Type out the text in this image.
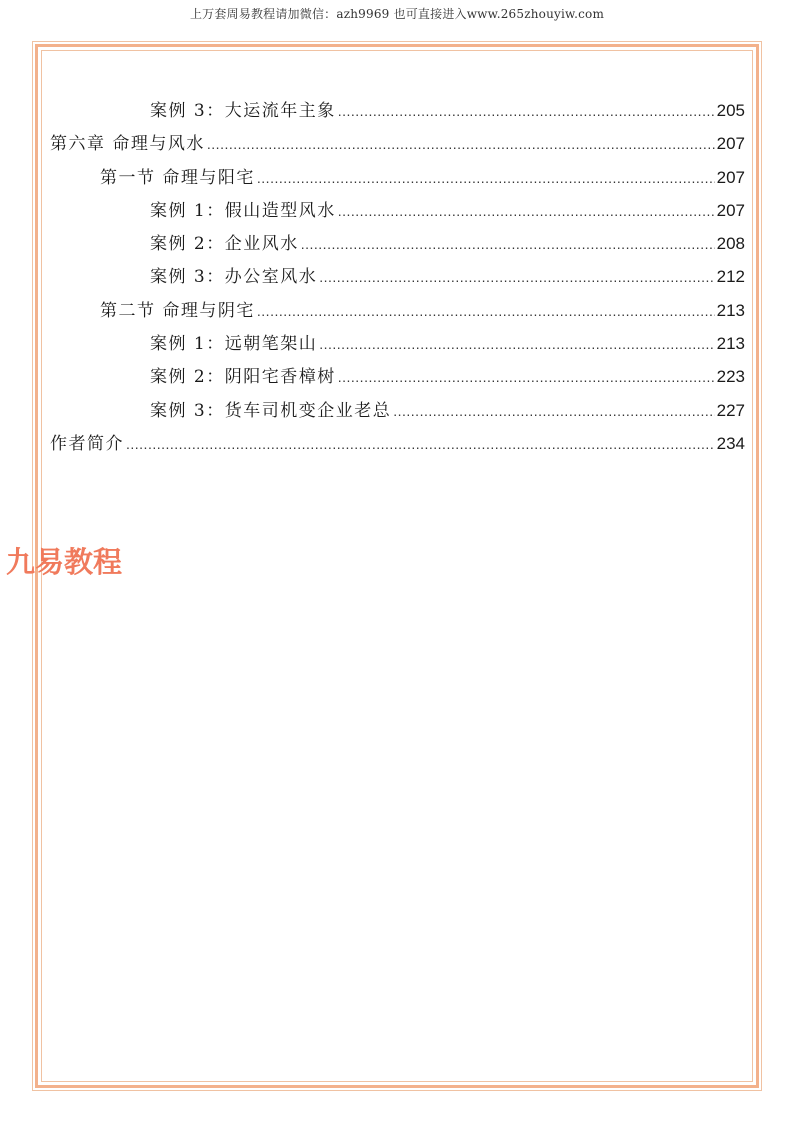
上万套周易教程请加微信：azh9969 也可直接进入www.265zhouyiw.com
案例 3：大运流年主象 .....	205
第六章 命理与风水 .....	207
第一节 命理与阳宅 .....	207
案例 1：假山造型风水 .....	207
案例 2：企业风水 .....	208
案例 3：办公室风水 .....	212
第二节 命理与阴宅 .....	213
案例 1：远朝笔架山 .....	213
案例 2：阴阳宅香樟树 .....	223
案例 3：货车司机变企业老总 .....	227
作者简介 .....	234
九易教程
